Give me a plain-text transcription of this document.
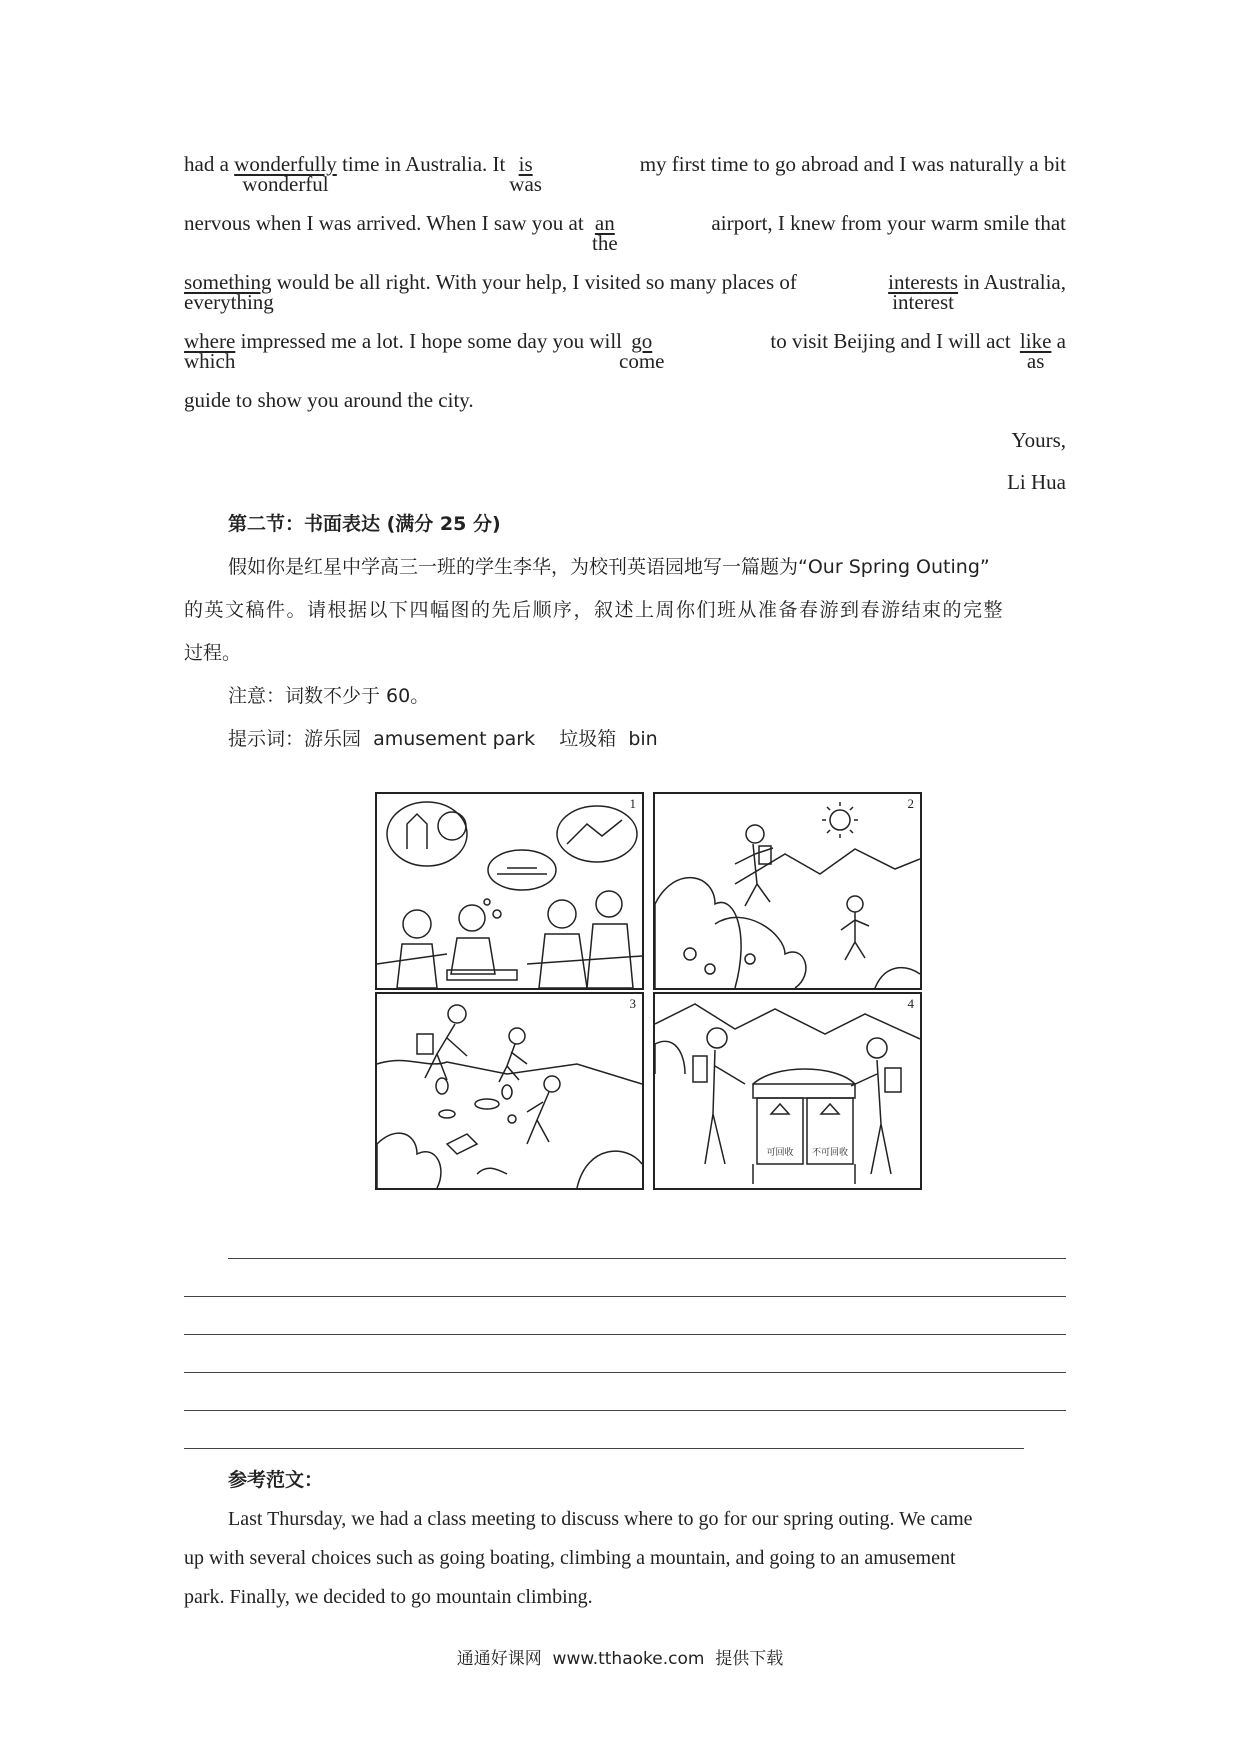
had a wonderfully
wonderful
time in Australia. It is
was
my first time to go abroad and I was naturally a bit
nervous when I was arrived. When I saw you at an
the
airport, I knew from your warm smile that
something
everything
would be all right. With your help, I visited so many places of	interests
interest
in Australia,
where
which
impressed me a lot. I hope some day you will go
come
to visit Beijing and I will act like
as
a
guide to show you around the city.
Yours,
Li Hua
第二节：书面表达 (满分 25 分)
假如你是红星中学高三一班的学生李华，为校刊英语园地写一篇题为“Our Spring Outing”
的英文稿件。请根据以下四幅图的先后顺序，叙述上周你们班从准备春游到春游结束的完整
过程。
注意：词数不少于 60。
提示词：游乐园  amusement park    垃圾箱  bin
1	2
3	4
可回收	不可回收
参考范文：
Last Thursday, we had a class meeting to discuss where to go for our spring outing. We came
up with several choices such as going boating, climbing a mountain, and going to an amusement
park. Finally, we decided to go mountain climbing.
通通好课网  www.tthaoke.com  提供下载
